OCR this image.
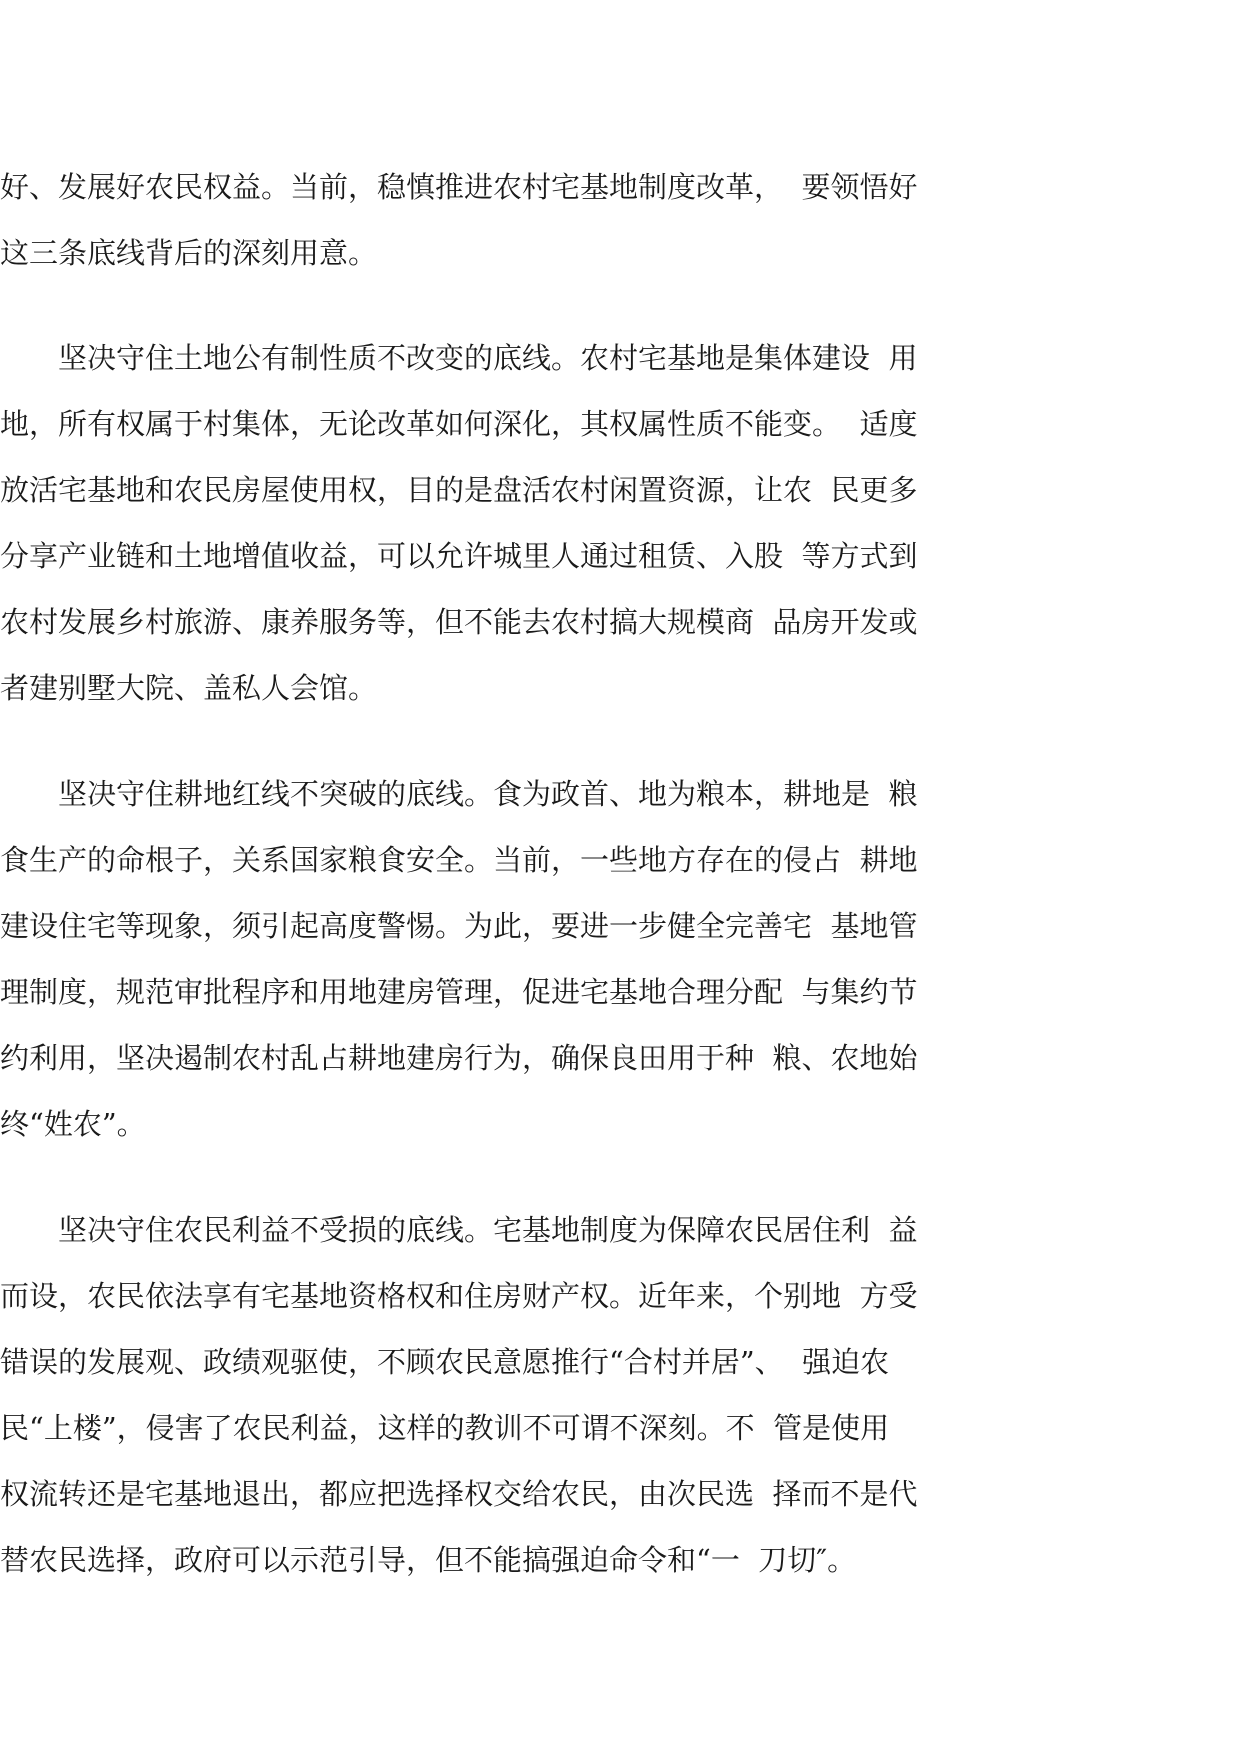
好、发展好农民权益。当前，稳慎推进农村宅基地制度改革，  要领悟好

这三条底线背后的深刻用意。

　　坚决守住土地公有制性质不改变的底线。农村宅基地是集体建设  用

地，所有权属于村集体，无论改革如何深化，其权属性质不能变。  适度

放活宅基地和农民房屋使用权，目的是盘活农村闲置资源，让农  民更多

分享产业链和土地增值收益，可以允许城里人通过租赁、入股  等方式到

农村发展乡村旅游、康养服务等，但不能去农村搞大规模商  品房开发或

者建别墅大院、盖私人会馆。

　　坚决守住耕地红线不突破的底线。食为政首、地为粮本，耕地是  粮

食生产的命根子，关系国家粮食安全。当前，一些地方存在的侵占  耕地

建设住宅等现象，须引起高度警惕。为此，要进一步健全完善宅  基地管

理制度，规范审批程序和用地建房管理，促进宅基地合理分配  与集约节

约利用，坚决遏制农村乱占耕地建房行为，确保良田用于种  粮、农地始

终“姓农”。

　　坚决守住农民利益不受损的底线。宅基地制度为保障农民居住利  益

而设，农民依法享有宅基地资格权和住房财产权。近年来，个别地  方受

错误的发展观、政绩观驱使，不顾农民意愿推行“合村并居”、  强迫农

民“上楼”，侵害了农民利益，这样的教训不可谓不深刻。不  管是使用

权流转还是宅基地退出，都应把选择权交给农民，由次民选  择而不是代

替农民选择，政府可以示范引导，但不能搞强迫命令和“一  刀切″。
